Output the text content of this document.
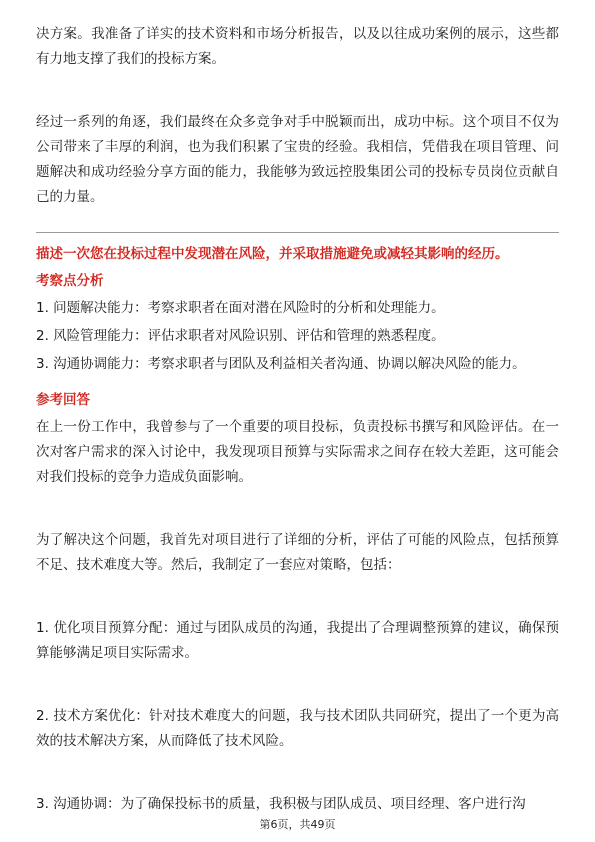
决方案。我准备了详实的技术资料和市场分析报告，以及以往成功案例的展示，这些都有力地支撑了我们的投标方案。

经过一系列的角逐，我们最终在众多竞争对手中脱颖而出，成功中标。这个项目不仅为公司带来了丰厚的利润，也为我们积累了宝贵的经验。我相信，凭借我在项目管理、问题解决和成功经验分享方面的能力，我能够为致远控股集团公司的投标专员岗位贡献自己的力量。

描述一次您在投标过程中发现潜在风险，并采取措施避免或减轻其影响的经历。

考察点分析

1. 问题解决能力：考察求职者在面对潜在风险时的分析和处理能力。

2. 风险管理能力：评估求职者对风险识别、评估和管理的熟悉程度。

3. 沟通协调能力：考察求职者与团队及利益相关者沟通、协调以解决风险的能力。

参考回答

在上一份工作中，我曾参与了一个重要的项目投标，负责投标书撰写和风险评估。在一次对客户需求的深入讨论中，我发现项目预算与实际需求之间存在较大差距，这可能会对我们投标的竞争力造成负面影响。

为了解决这个问题，我首先对项目进行了详细的分析，评估了可能的风险点，包括预算不足、技术难度大等。然后，我制定了一套应对策略，包括：

1. 优化项目预算分配：通过与团队成员的沟通，我提出了合理调整预算的建议，确保预算能够满足项目实际需求。

2. 技术方案优化：针对技术难度大的问题，我与技术团队共同研究，提出了一个更为高效的技术解决方案，从而降低了技术风险。

3. 沟通协调：为了确保投标书的质量，我积极与团队成员、项目经理、客户进行沟

第6页，共49页
